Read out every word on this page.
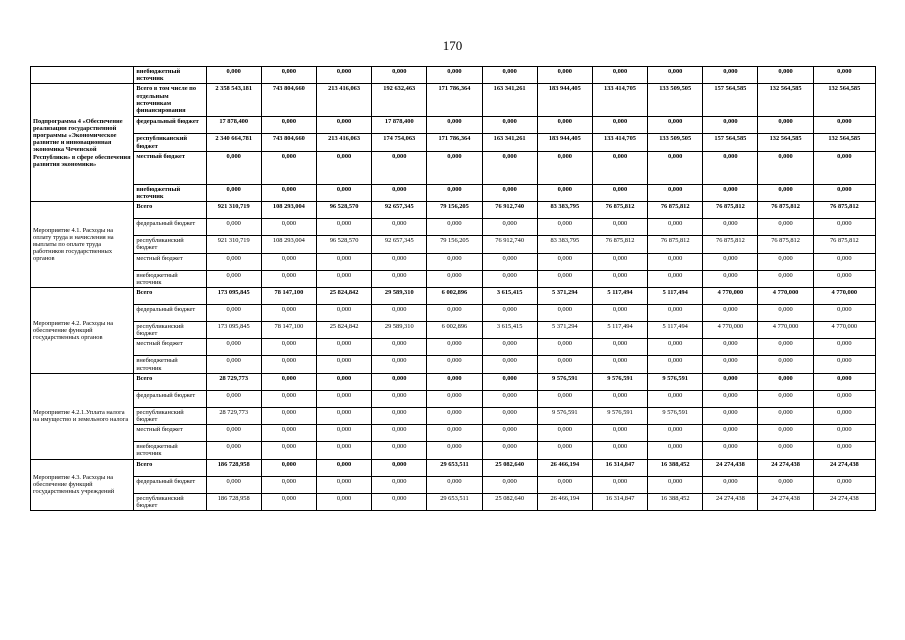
170
	внебюджетный источник	0,000	0,000	0,000	0,000	0,000	0,000	0,000	0,000	0,000	0,000	0,000	0,000
Подпрограмма 4 «Обеспечение реализации государственной программы «Экономическое развитие и инновационная экономика Чеченской Республики» в сфере обеспечения развития экономики»	Всего в том числе по отдельным источникам финансирования	2 358 543,181	743 804,660	213 416,063	192 632,463	171 786,364	163 341,261	183 944,405	133 414,705	133 509,505	157 564,585	132 564,585	132 564,585
	федеральный бюджет	17 878,400	0,000	0,000	17 878,400	0,000	0,000	0,000	0,000	0,000	0,000	0,000	0,000
	республиканский бюджет	2 340 664,781	743 804,660	213 416,063	174 754,063	171 786,364	163 341,261	183 944,405	133 414,705	133 509,505	157 564,585	132 564,585	132 564,585
	местный бюджет	0,000	0,000	0,000	0,000	0,000	0,000	0,000	0,000	0,000	0,000	0,000	0,000
	внебюджетный источник	0,000	0,000	0,000	0,000	0,000	0,000	0,000	0,000	0,000	0,000	0,000	0,000
Мероприятие 4.1. Расходы на оплату труда и начисления на выплаты по оплате труда работников государственных органов	Всего	921 310,719	108 293,004	96 528,570	92 657,345	79 156,205	76 912,740	83 383,795	76 875,812	76 875,812	76 875,812	76 875,812	76 875,812
	федеральный бюджет	0,000	0,000	0,000	0,000	0,000	0,000	0,000	0,000	0,000	0,000	0,000	0,000
	республиканский бюджет	921 310,719	108 293,004	96 528,570	92 657,345	79 156,205	76 912,740	83 383,795	76 875,812	76 875,812	76 875,812	76 875,812	76 875,812
	местный бюджет	0,000	0,000	0,000	0,000	0,000	0,000	0,000	0,000	0,000	0,000	0,000	0,000
	внебюджетный источник	0,000	0,000	0,000	0,000	0,000	0,000	0,000	0,000	0,000	0,000	0,000	0,000
Мероприятие 4.2. Расходы на обеспечение функций государственных органов	Всего	173 095,845	78 147,100	25 824,842	29 589,310	6 002,896	3 615,415	5 371,294	5 117,494	5 117,494	4 770,000	4 770,000	4 770,000
	федеральный бюджет	0,000	0,000	0,000	0,000	0,000	0,000	0,000	0,000	0,000	0,000	0,000	0,000
	республиканский бюджет	173 095,845	78 147,100	25 824,842	29 589,310	6 002,896	3 615,415	5 371,294	5 117,494	5 117,494	4 770,000	4 770,000	4 770,000
	местный бюджет	0,000	0,000	0,000	0,000	0,000	0,000	0,000	0,000	0,000	0,000	0,000	0,000
	внебюджетный источник	0,000	0,000	0,000	0,000	0,000	0,000	0,000	0,000	0,000	0,000	0,000	0,000
Мероприятие 4.2.1.Уплата налога на имущество и земельного налога	Всего	28 729,773	0,000	0,000	0,000	0,000	0,000	9 576,591	9 576,591	9 576,591	0,000	0,000	0,000
	федеральный бюджет	0,000	0,000	0,000	0,000	0,000	0,000	0,000	0,000	0,000	0,000	0,000	0,000
	республиканский бюджет	28 729,773	0,000	0,000	0,000	0,000	0,000	9 576,591	9 576,591	9 576,591	0,000	0,000	0,000
	местный бюджет	0,000	0,000	0,000	0,000	0,000	0,000	0,000	0,000	0,000	0,000	0,000	0,000
	внебюджетный источник	0,000	0,000	0,000	0,000	0,000	0,000	0,000	0,000	0,000	0,000	0,000	0,000
Мероприятие 4.3. Расходы на обеспечение функций государственных учреждений	Всего	186 728,958	0,000	0,000	0,000	29 653,511	25 082,640	26 466,194	16 314,847	16 388,452	24 274,438	24 274,438	24 274,438
	федеральный бюджет	0,000	0,000	0,000	0,000	0,000	0,000	0,000	0,000	0,000	0,000	0,000	0,000
	республиканский бюджет	186 728,958	0,000	0,000	0,000	29 653,511	25 082,640	26 466,194	16 314,847	16 388,452	24 274,438	24 274,438	24 274,438
